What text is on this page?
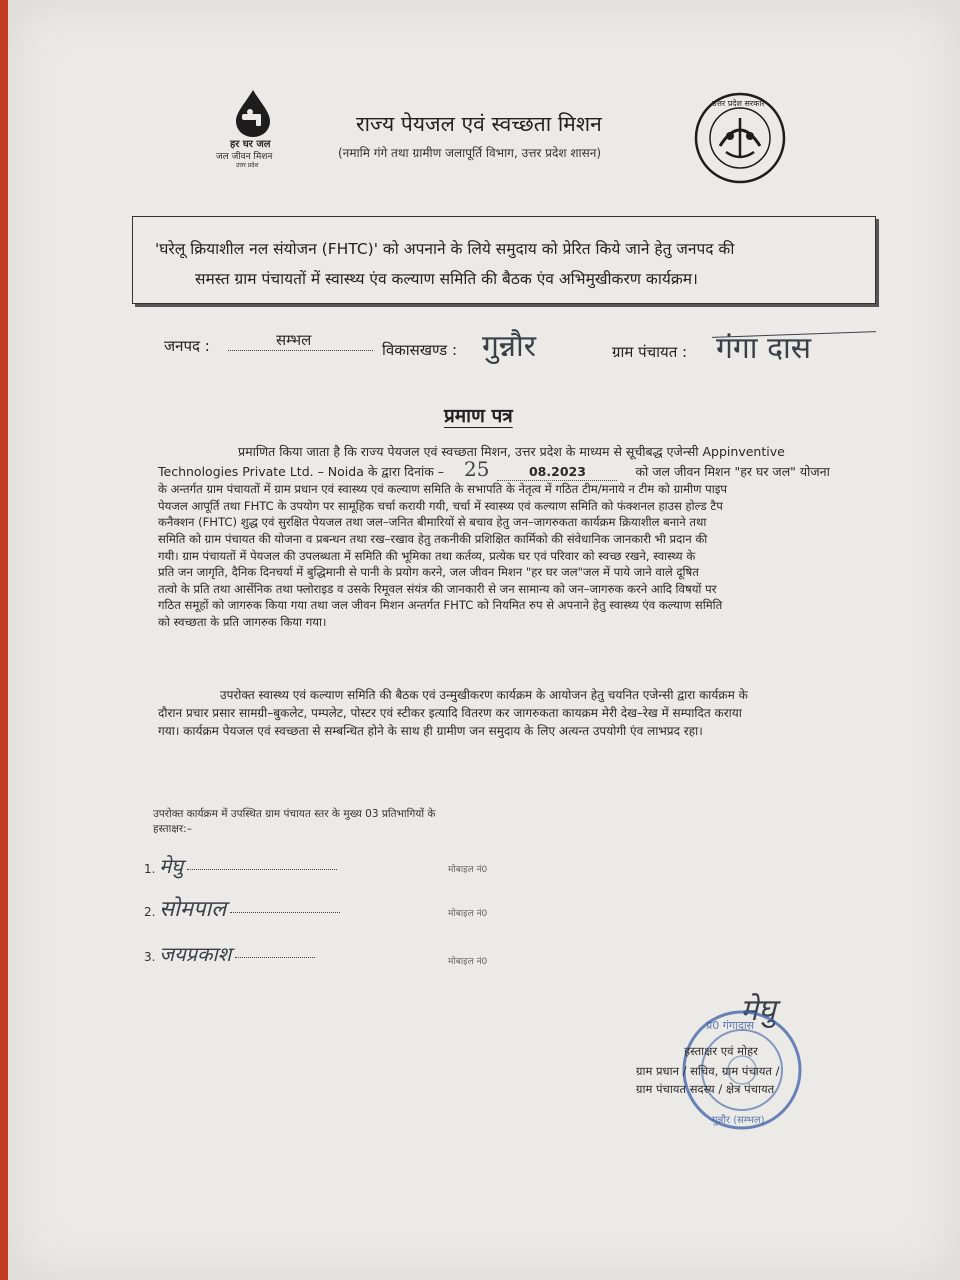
हर घर जल
जल जीवन मिशन
उत्तर प्रदेश
राज्य पेयजल एवं स्वच्छता मिशन
(नमामि गंगे तथा ग्रामीण जलापूर्ति विभाग, उत्तर प्रदेश शासन)
उत्तर प्रदेश सरकार
'घरेलू क्रियाशील नल संयोजन (FHTC)' को अपनाने के लिये समुदाय को प्रेरित किये जाने हेतु जनपद की
समस्त ग्राम पंचायतों में स्वास्थ्य एंव कल्याण समिति की बैठक एंव अभिमुखीकरण कार्यक्रम।
जनपद :	सम्भल
विकासखण्ड : गुन्नौर	ग्राम पंचायत : गंगा दास
प्रमाण पत्र
प्रमाणित किया जाता है कि राज्य पेयजल एवं स्वच्छता मिशन, उत्तर प्रदेश के माध्यम से सूचीबद्ध एजेन्सी Appinventive
Technologies Private Ltd. – Noida के द्वारा दिनांक – 25	08.2023	को जल जीवन मिशन "हर घर जल" योजना
के अन्तर्गत ग्राम पंचायतों में ग्राम प्रधान एवं स्वास्थ्य एवं कल्याण समिति के सभापति के नेतृत्व में गठित टीम/मनाये न टीम को ग्रामीण पाइप
पेयजल आपूर्ति तथा FHTC के उपयोग पर सामूहिक चर्चा करायी गयी, चर्चा में स्वास्थ्य एवं कल्याण समिति को फंक्शनल हाउस होल्ड टैप
कनैक्शन (FHTC) शुद्ध एवं सुरक्षित पेयजल तथा जल–जनित बीमारियों से बचाव हेतु जन–जागरुकता कार्यक्रम क्रियाशील बनाने तथा
समिति को ग्राम पंचायत की योजना व प्रबन्धन तथा रख–रखाव हेतु तकनीकी प्रशिक्षित कार्मिको की संवेधानिक जानकारी भी प्रदान की
गयी। ग्राम पंचायतों में पेयजल की उपलब्धता में समिति की भूमिका तथा कर्तव्य, प्रत्येक घर एवं परिवार को स्वच्छ रखने, स्वास्थ्य के
प्रति जन जागृति, दैनिक दिनचर्या में बुद्धिमानी से पानी के प्रयोग करने, जल जीवन मिशन "हर घर जल"जल में पाये जाने वाले दूषित
तत्वो के प्रति तथा आर्सेनिक तथा फ्लोराइड व उसके रिमूवल संयंत्र की जानकारी से जन सामान्य को जन–जागरुक करने आदि विषयों पर
गठित समूहों को जागरुक किया गया तथा जल जीवन मिशन अन्तर्गत FHTC को नियमित रुप से अपनाने हेतु स्वास्थ्य एंव कल्याण समिति
को स्वच्छता के प्रति जागरुक किया गया।
उपरोक्त स्वास्थ्य एवं कल्याण समिति की बैठक एवं उन्मुखीकरण कार्यक्रम के आयोजन हेतु चयनित एजेन्सी द्वारा कार्यक्रम के
दौरान प्रचार प्रसार सामग्री–बुकलेट, पम्पलेट, पोस्टर एवं स्टीकर इत्यादि वितरण कर जागरुकता कायक्रम मेरी देख–रेख में सम्पादित कराया
गया। कार्यक्रम पेयजल एवं स्वच्छता से सम्बन्धित होने के साथ ही ग्रामीण जन समुदाय के लिए अत्यन्त उपयोगी एंव लाभप्रद रहा।
उपरोक्त कार्यक्रम में उपस्थित ग्राम पंचायत स्तर के मुख्य 03 प्रतिभागियों के
हस्ताक्षर:–
1. मेघु	मोबाइल नं0
2. सोमपाल	मोबाइल नं0
3. जयप्रकाश	मोबाइल नं0
मेघु
प्र0 गंगादास
गुन्नौर (सम्भल)
हस्ताक्षर एवं मोहर
ग्राम प्रधान / सचिव, ग्राम पंचायत /
ग्राम पंचायत सदस्य / क्षेत्र पंचायत
